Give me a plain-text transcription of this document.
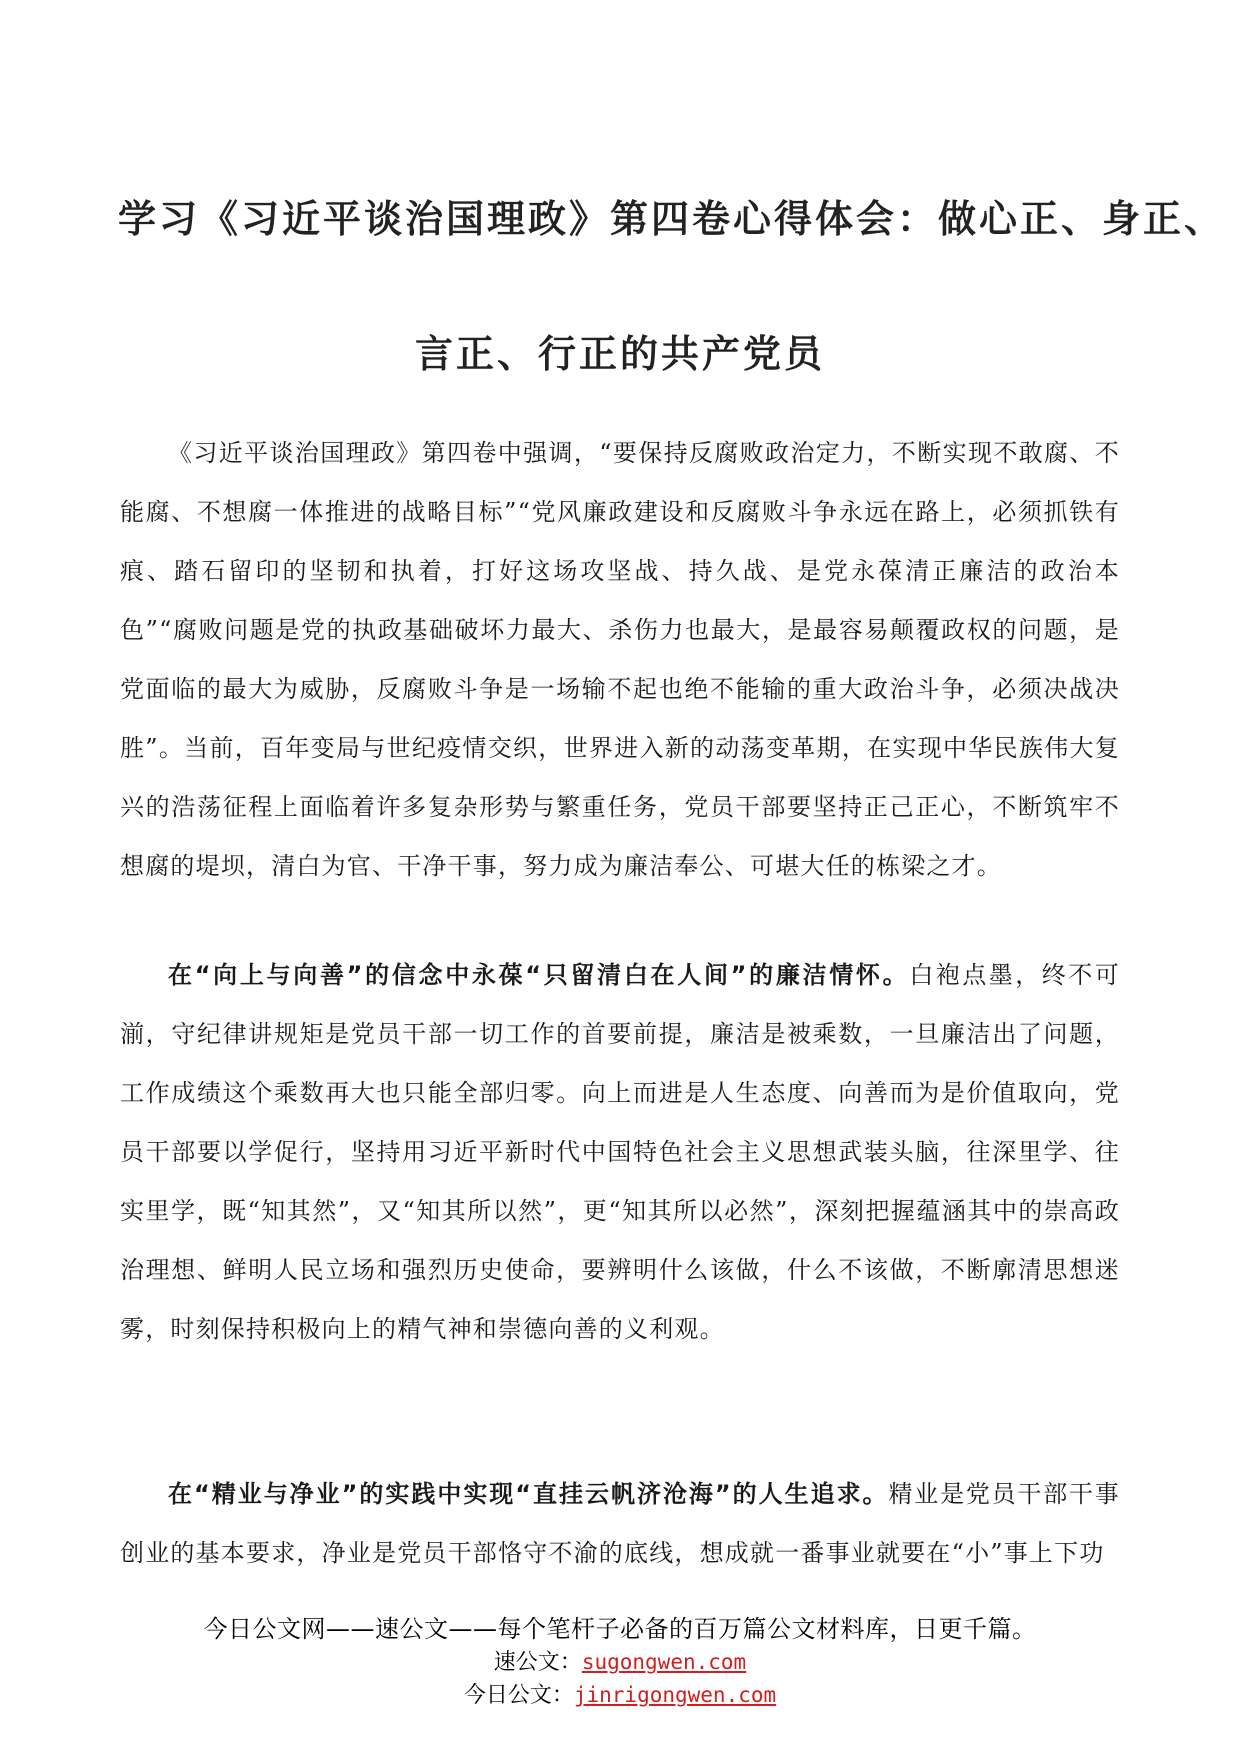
学习《习近平谈治国理政》第四卷心得体会：做心正、身正、
言正、行正的共产党员

《习近平谈治国理政》第四卷中强调，“要保持反腐败政治定力，不断实现不敢腐、不能腐、不想腐一体推进的战略目标”“党风廉政建设和反腐败斗争永远在路上，必须抓铁有痕、踏石留印的坚韧和执着，打好这场攻坚战、持久战、是党永葆清正廉洁的政治本色”“腐败问题是党的执政基础破坏力最大、杀伤力也最大，是最容易颠覆政权的问题，是党面临的最大为威胁，反腐败斗争是一场输不起也绝不能输的重大政治斗争，必须决战决胜”。当前，百年变局与世纪疫情交织，世界进入新的动荡变革期，在实现中华民族伟大复兴的浩荡征程上面临着许多复杂形势与繁重任务，党员干部要坚持正己正心，不断筑牢不想腐的堤坝，清白为官、干净干事，努力成为廉洁奉公、可堪大任的栋梁之才。

在“向上与向善”的信念中永葆“只留清白在人间”的廉洁情怀。白袍点墨，终不可湔，守纪律讲规矩是党员干部一切工作的首要前提，廉洁是被乘数，一旦廉洁出了问题，工作成绩这个乘数再大也只能全部归零。向上而进是人生态度、向善而为是价值取向，党员干部要以学促行，坚持用习近平新时代中国特色社会主义思想武装头脑，往深里学、往实里学，既“知其然”，又“知其所以然”，更“知其所以必然”，深刻把握蕴涵其中的崇高政治理想、鲜明人民立场和强烈历史使命，要辨明什么该做，什么不该做，不断廓清思想迷雾，时刻保持积极向上的精气神和崇德向善的义利观。

在“精业与净业”的实践中实现“直挂云帆济沧海”的人生追求。精业是党员干部干事创业的基本要求，净业是党员干部恪守不渝的底线，想成就一番事业就要在“小”事上下功

今日公文网——速公文——每个笔杆子必备的百万篇公文材料库，日更千篇。
速公文：sugongwen.com
今日公文：jinrigongwen.com
